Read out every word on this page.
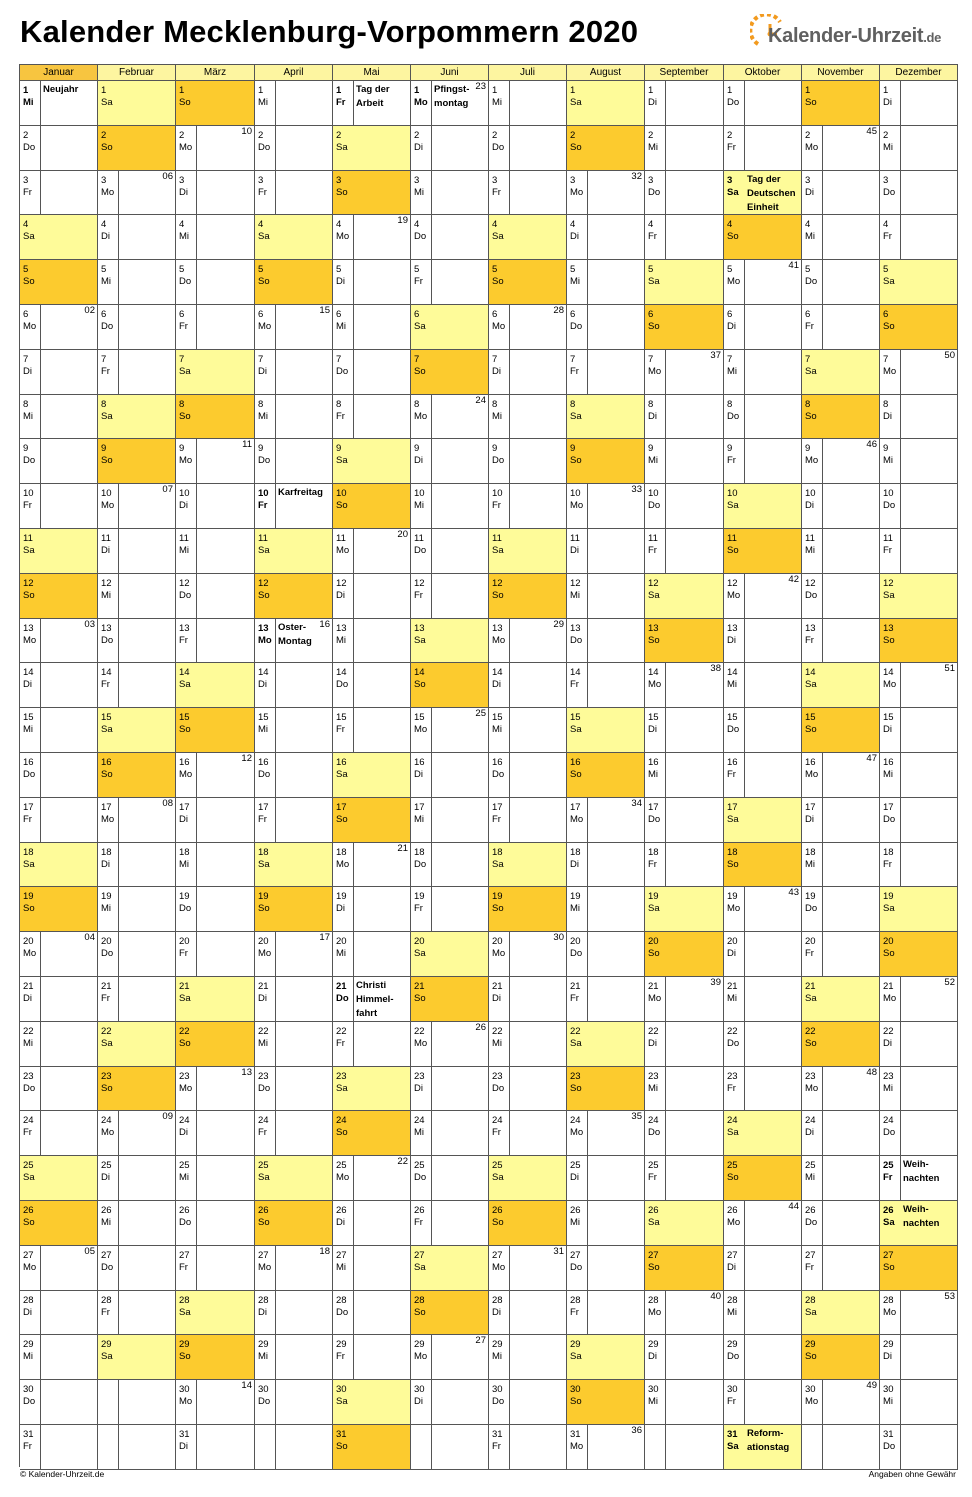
Kalender Mecklenburg-Vorpommern 2020	Kalender-Uhrzeit.de
Januar
1
Mi
Neujahr
2
Do
3
Fr
4
Sa
5
So
6
Mo
02
7
Di
8
Mi
9
Do
10
Fr
11
Sa
12
So
13
Mo
03
14
Di
15
Mi
16
Do
17
Fr
18
Sa
19
So
20
Mo
04
21
Di
22
Mi
23
Do
24
Fr
25
Sa
26
So
27
Mo
05
28
Di
29
Mi
30
Do
31
Fr
Februar
1
Sa
2
So
3
Mo
06
4
Di
5
Mi
6
Do
7
Fr
8
Sa
9
So
10
Mo
07
11
Di
12
Mi
13
Do
14
Fr
15
Sa
16
So
17
Mo
08
18
Di
19
Mi
20
Do
21
Fr
22
Sa
23
So
24
Mo
09
25
Di
26
Mi
27
Do
28
Fr
29
Sa
März
1
So
2
Mo
10
3
Di
4
Mi
5
Do
6
Fr
7
Sa
8
So
9
Mo
11
10
Di
11
Mi
12
Do
13
Fr
14
Sa
15
So
16
Mo
12
17
Di
18
Mi
19
Do
20
Fr
21
Sa
22
So
23
Mo
13
24
Di
25
Mi
26
Do
27
Fr
28
Sa
29
So
30
Mo
14
31
Di
April
1
Mi
2
Do
3
Fr
4
Sa
5
So
6
Mo
15
7
Di
8
Mi
9
Do
10
Fr
Karfreitag
11
Sa
12
So
13
Mo
Oster-
Montag
16
14
Di
15
Mi
16
Do
17
Fr
18
Sa
19
So
20
Mo
17
21
Di
22
Mi
23
Do
24
Fr
25
Sa
26
So
27
Mo
18
28
Di
29
Mi
30
Do
Mai
1
Fr
Tag der
Arbeit
2
Sa
3
So
4
Mo
19
5
Di
6
Mi
7
Do
8
Fr
9
Sa
10
So
11
Mo
20
12
Di
13
Mi
14
Do
15
Fr
16
Sa
17
So
18
Mo
21
19
Di
20
Mi
21
Do
Christi
Himmel-
fahrt
22
Fr
23
Sa
24
So
25
Mo
22
26
Di
27
Mi
28
Do
29
Fr
30
Sa
31
So
Juni
1
Mo
Pfingst-
montag
23
2
Di
3
Mi
4
Do
5
Fr
6
Sa
7
So
8
Mo
24
9
Di
10
Mi
11
Do
12
Fr
13
Sa
14
So
15
Mo
25
16
Di
17
Mi
18
Do
19
Fr
20
Sa
21
So
22
Mo
26
23
Di
24
Mi
25
Do
26
Fr
27
Sa
28
So
29
Mo
27
30
Di
Juli
1
Mi
2
Do
3
Fr
4
Sa
5
So
6
Mo
28
7
Di
8
Mi
9
Do
10
Fr
11
Sa
12
So
13
Mo
29
14
Di
15
Mi
16
Do
17
Fr
18
Sa
19
So
20
Mo
30
21
Di
22
Mi
23
Do
24
Fr
25
Sa
26
So
27
Mo
31
28
Di
29
Mi
30
Do
31
Fr
August
1
Sa
2
So
3
Mo
32
4
Di
5
Mi
6
Do
7
Fr
8
Sa
9
So
10
Mo
33
11
Di
12
Mi
13
Do
14
Fr
15
Sa
16
So
17
Mo
34
18
Di
19
Mi
20
Do
21
Fr
22
Sa
23
So
24
Mo
35
25
Di
26
Mi
27
Do
28
Fr
29
Sa
30
So
31
Mo
36
September
1
Di
2
Mi
3
Do
4
Fr
5
Sa
6
So
7
Mo
37
8
Di
9
Mi
10
Do
11
Fr
12
Sa
13
So
14
Mo
38
15
Di
16
Mi
17
Do
18
Fr
19
Sa
20
So
21
Mo
39
22
Di
23
Mi
24
Do
25
Fr
26
Sa
27
So
28
Mo
40
29
Di
30
Mi
Oktober
1
Do
2
Fr
3
Sa
Tag der
Deutschen
Einheit
4
So
5
Mo
41
6
Di
7
Mi
8
Do
9
Fr
10
Sa
11
So
12
Mo
42
13
Di
14
Mi
15
Do
16
Fr
17
Sa
18
So
19
Mo
43
20
Di
21
Mi
22
Do
23
Fr
24
Sa
25
So
26
Mo
44
27
Di
28
Mi
29
Do
30
Fr
31
Sa
Reform-
ationstag
November
1
So
2
Mo
45
3
Di
4
Mi
5
Do
6
Fr
7
Sa
8
So
9
Mo
46
10
Di
11
Mi
12
Do
13
Fr
14
Sa
15
So
16
Mo
47
17
Di
18
Mi
19
Do
20
Fr
21
Sa
22
So
23
Mo
48
24
Di
25
Mi
26
Do
27
Fr
28
Sa
29
So
30
Mo
49
Dezember
1
Di
2
Mi
3
Do
4
Fr
5
Sa
6
So
7
Mo
50
8
Di
9
Mi
10
Do
11
Fr
12
Sa
13
So
14
Mo
51
15
Di
16
Mi
17
Do
18
Fr
19
Sa
20
So
21
Mo
52
22
Di
23
Mi
24
Do
25
Fr
Weih-
nachten
26
Sa
Weih-
nachten
27
So
28
Mo
53
29
Di
30
Mi
31
Do
© Kalender-Uhrzeit.de	Angaben ohne Gewähr
